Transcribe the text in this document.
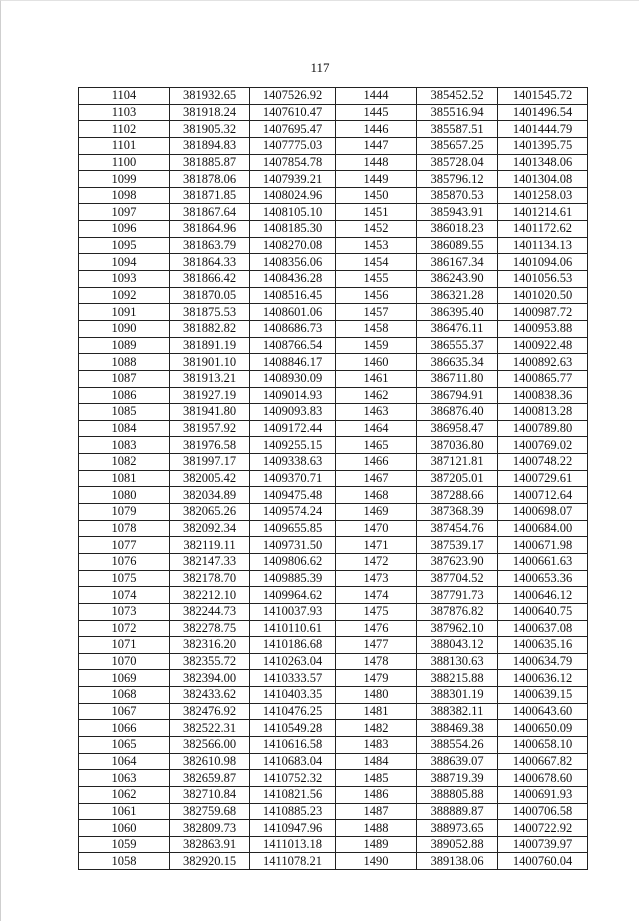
117
1104	381932.65	1407526.92	1444	385452.52	1401545.72
1103	381918.24	1407610.47	1445	385516.94	1401496.54
1102	381905.32	1407695.47	1446	385587.51	1401444.79
1101	381894.83	1407775.03	1447	385657.25	1401395.75
1100	381885.87	1407854.78	1448	385728.04	1401348.06
1099	381878.06	1407939.21	1449	385796.12	1401304.08
1098	381871.85	1408024.96	1450	385870.53	1401258.03
1097	381867.64	1408105.10	1451	385943.91	1401214.61
1096	381864.96	1408185.30	1452	386018.23	1401172.62
1095	381863.79	1408270.08	1453	386089.55	1401134.13
1094	381864.33	1408356.06	1454	386167.34	1401094.06
1093	381866.42	1408436.28	1455	386243.90	1401056.53
1092	381870.05	1408516.45	1456	386321.28	1401020.50
1091	381875.53	1408601.06	1457	386395.40	1400987.72
1090	381882.82	1408686.73	1458	386476.11	1400953.88
1089	381891.19	1408766.54	1459	386555.37	1400922.48
1088	381901.10	1408846.17	1460	386635.34	1400892.63
1087	381913.21	1408930.09	1461	386711.80	1400865.77
1086	381927.19	1409014.93	1462	386794.91	1400838.36
1085	381941.80	1409093.83	1463	386876.40	1400813.28
1084	381957.92	1409172.44	1464	386958.47	1400789.80
1083	381976.58	1409255.15	1465	387036.80	1400769.02
1082	381997.17	1409338.63	1466	387121.81	1400748.22
1081	382005.42	1409370.71	1467	387205.01	1400729.61
1080	382034.89	1409475.48	1468	387288.66	1400712.64
1079	382065.26	1409574.24	1469	387368.39	1400698.07
1078	382092.34	1409655.85	1470	387454.76	1400684.00
1077	382119.11	1409731.50	1471	387539.17	1400671.98
1076	382147.33	1409806.62	1472	387623.90	1400661.63
1075	382178.70	1409885.39	1473	387704.52	1400653.36
1074	382212.10	1409964.62	1474	387791.73	1400646.12
1073	382244.73	1410037.93	1475	387876.82	1400640.75
1072	382278.75	1410110.61	1476	387962.10	1400637.08
1071	382316.20	1410186.68	1477	388043.12	1400635.16
1070	382355.72	1410263.04	1478	388130.63	1400634.79
1069	382394.00	1410333.57	1479	388215.88	1400636.12
1068	382433.62	1410403.35	1480	388301.19	1400639.15
1067	382476.92	1410476.25	1481	388382.11	1400643.60
1066	382522.31	1410549.28	1482	388469.38	1400650.09
1065	382566.00	1410616.58	1483	388554.26	1400658.10
1064	382610.98	1410683.04	1484	388639.07	1400667.82
1063	382659.87	1410752.32	1485	388719.39	1400678.60
1062	382710.84	1410821.56	1486	388805.88	1400691.93
1061	382759.68	1410885.23	1487	388889.87	1400706.58
1060	382809.73	1410947.96	1488	388973.65	1400722.92
1059	382863.91	1411013.18	1489	389052.88	1400739.97
1058	382920.15	1411078.21	1490	389138.06	1400760.04
